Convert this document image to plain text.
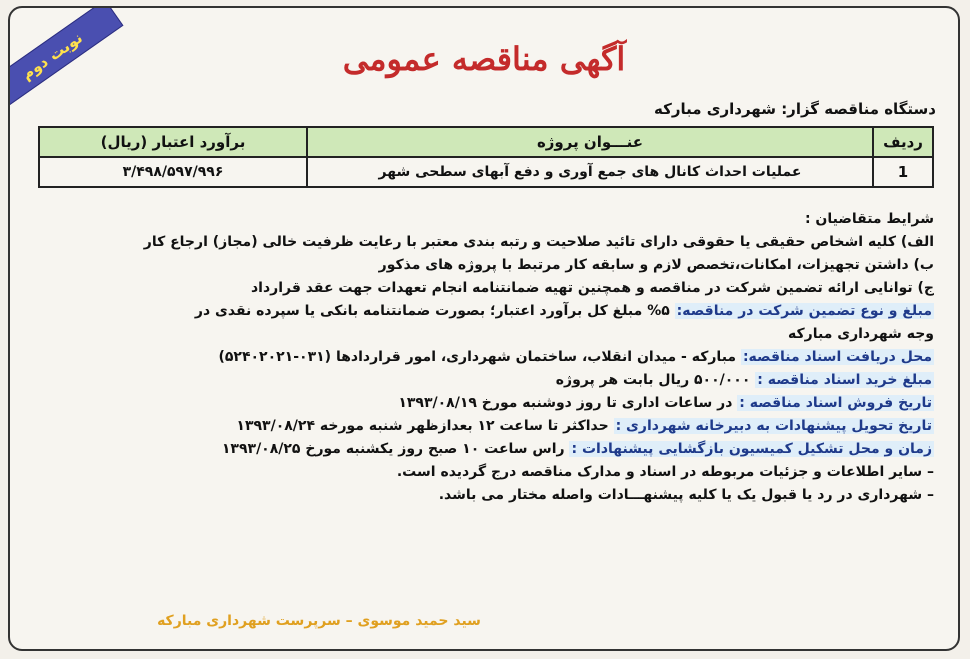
نوبت دوم	آگهی مناقصه عمومی
دستگاه مناقصه گزار: شهرداری مبارکه
ردیف	عنـــوان پروژه	برآورد اعتبار (ریال)
1	عملیات احداث کانال های جمع آوری و دفع آبهای سطحی شهر	۳/۴۹۸/۵۹۷/۹۹۶
شرایط متقاضیان :
الف) کلیه اشخاص حقیقی یا حقوقی دارای تائید صلاحیت و رتبه بندی معتبر با رعایت ظرفیت خالی (مجاز) ارجاع کار
ب) داشتن تجهیزات، امکانات،تخصص لازم و سابقه کار مرتبط با پروژه های مذکور
ج) توانایی ارائه تضمین شرکت در مناقصه و همچنین تهیه ضمانتنامه انجام تعهدات جهت عقد قرارداد
مبلغ و نوع تضمین شرکت در مناقصه: ۵% مبلغ کل برآورد اعتبار؛ بصورت ضمانتنامه بانکی یا سپرده نقدی در
وجه شهرداری مبارکه
محل دریافت اسناد مناقصه: مبارکه - میدان انقلاب، ساختمان شهرداری، امور قراردادها (۰۳۱-۵۲۴۰۲۰۲۱)
مبلغ خرید اسناد مناقصه : ۵۰۰/۰۰۰ ریال بابت هر پروژه
تاریخ فروش اسناد مناقصه : در ساعات اداری تا روز دوشنبه مورخ ۱۳۹۳/۰۸/۱۹
تاریخ تحویل پیشنهادات به دبیرخانه شهرداری : حداکثر تا ساعت ۱۲ بعدازظهر شنبه مورخه ۱۳۹۳/۰۸/۲۴
زمان و محل تشکیل کمیسیون بازگشایی پیشنهادات : راس ساعت ۱۰ صبح روز یکشنبه مورخ ۱۳۹۳/۰۸/۲۵
– سایر اطلاعات و جزئیات مربوطه در اسناد و مدارک مناقصه درج گردیده است.
– شهرداری در رد یا قبول یک یا کلیه پیشنهـــادات واصله مختار می باشد.
سید حمید موسوی – سرپرست شهرداری مبارکه
